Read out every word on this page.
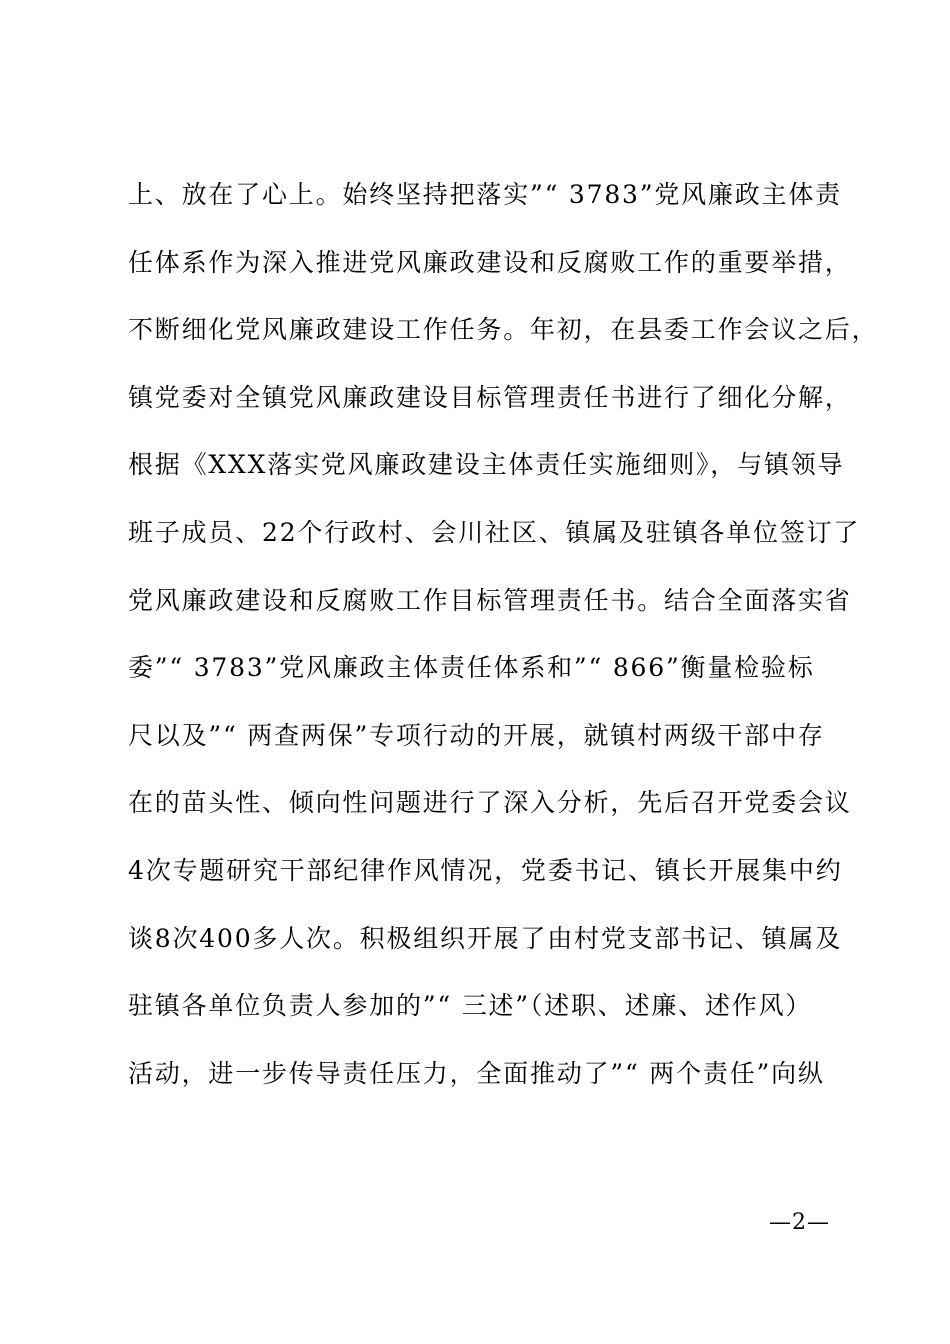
上、放在了心上。始终坚持把落实”“ 3783”党风廉政主体责
任体系作为深入推进党风廉政建设和反腐败工作的重要举措，
不断细化党风廉政建设工作任务。年初，在县委工作会议之后，
镇党委对全镇党风廉政建设目标管理责任书进行了细化分解，
根据《XXX落实党风廉政建设主体责任实施细则》，与镇领导
班子成员、22个行政村、会川社区、镇属及驻镇各单位签订了
党风廉政建设和反腐败工作目标管理责任书。结合全面落实省
委”“ 3783”党风廉政主体责任体系和”“ 866”衡量检验标
尺以及”“ 两查两保”专项行动的开展，就镇村两级干部中存
在的苗头性、倾向性问题进行了深入分析，先后召开党委会议
4次专题研究干部纪律作风情况，党委书记、镇长开展集中约
谈8次400多人次。积极组织开展了由村党支部书记、镇属及
驻镇各单位负责人参加的”“ 三述”（述职、述廉、述作风）
活动，进一步传导责任压力，全面推动了”“ 两个责任”向纵
—2—
